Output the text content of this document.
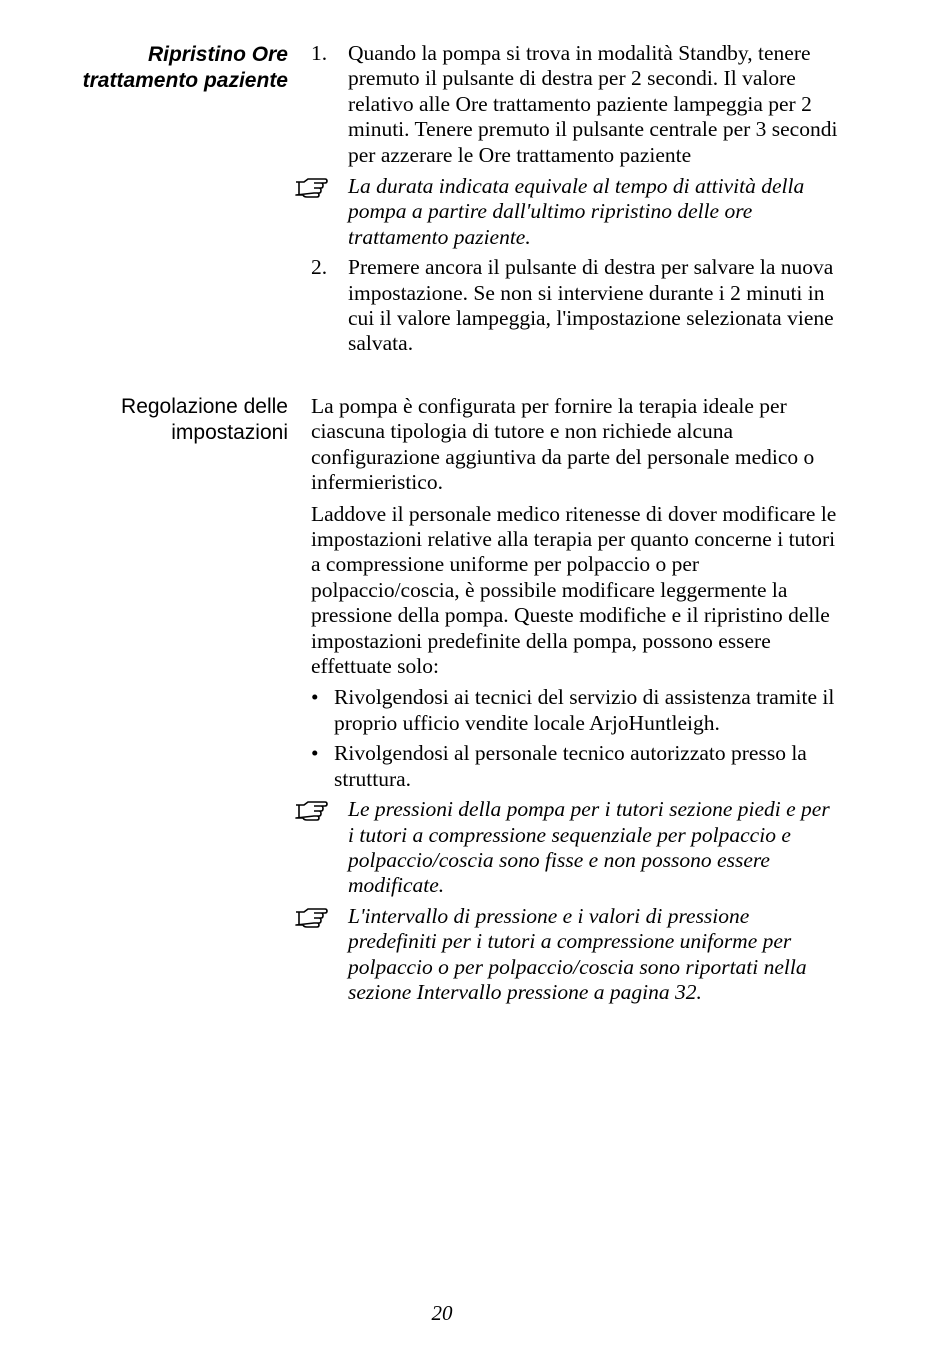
Ripristino Ore
trattamento paziente
1. Quando la pompa si trova in modalità Standby, tenere premuto il pulsante di destra per 2 secondi. Il valore relativo alle Ore trattamento paziente lampeggia per 2 minuti. Tenere premuto il pulsante centrale per 3 secondi per azzerare le Ore trattamento paziente

La durata indicata equivale al tempo di attività della pompa a partire dall'ultimo ripristino delle ore trattamento paziente.

2. Premere ancora il pulsante di destra per salvare la nuova impostazione. Se non si interviene durante i 2 minuti in cui il valore lampeggia, l'impostazione selezionata viene salvata.

Regolazione delle
impostazioni

La pompa è configurata per fornire la terapia ideale per ciascuna tipologia di tutore e non richiede alcuna configurazione aggiuntiva da parte del personale medico o infermieristico.

Laddove il personale medico ritenesse di dover modificare le impostazioni relative alla terapia per quanto concerne i tutori a compressione uniforme per polpaccio o per polpaccio/coscia, è possibile modificare leggermente la pressione della pompa. Queste modifiche e il ripristino delle impostazioni predefinite della pompa, possono essere effettuate solo:

• Rivolgendosi ai tecnici del servizio di assistenza tramite il proprio ufficio vendite locale ArjoHuntleigh.

• Rivolgendosi al personale tecnico autorizzato presso la struttura.

Le pressioni della pompa per i tutori sezione piedi e per i tutori a compressione sequenziale per polpaccio e polpaccio/coscia sono fisse e non possono essere modificate.

L'intervallo di pressione e i valori di pressione predefiniti per i tutori a compressione uniforme per polpaccio o per polpaccio/coscia sono riportati nella sezione Intervallo pressione a pagina 32.

20
